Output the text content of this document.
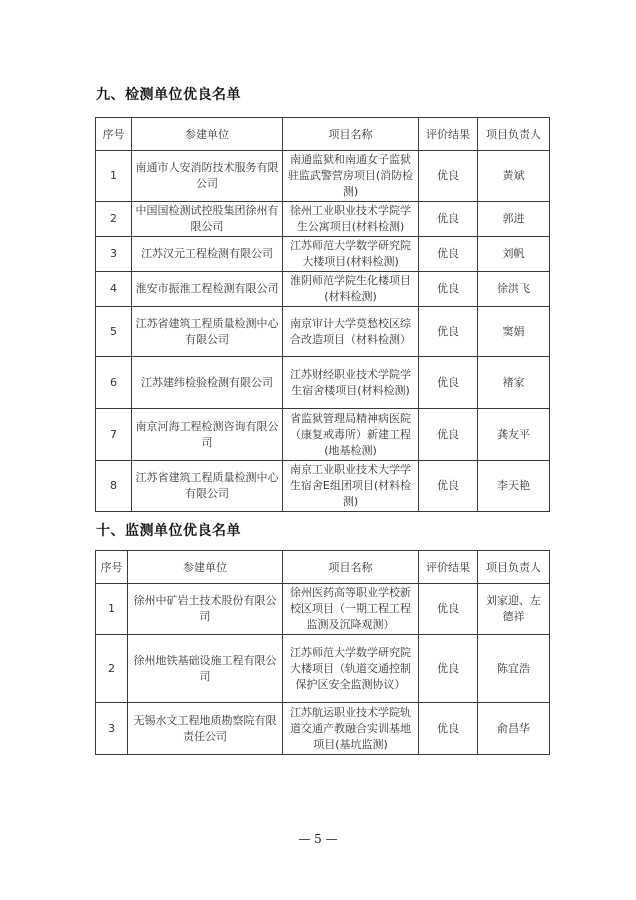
九、检测单位优良名单
序号	参建单位	项目名称	评价结果	项目负责人
1	南通市人安消防技术服务有限公司	南通监狱和南通女子监狱驻监武警营房项目(消防检测)	优良	黄斌
2	中国国检测试控股集团徐州有限公司	徐州工业职业技术学院学生公寓项目(材料检测)	优良	郭进
3	江苏汉元工程检测有限公司	江苏师范大学数学研究院大楼项目(材料检测)	优良	刘帆
4	淮安市振淮工程检测有限公司	淮阴师范学院生化楼项目(材料检测)	优良	徐洪飞
5	江苏省建筑工程质量检测中心有限公司	南京审计大学莫愁校区综合改造项目（材料检测）	优良	窦娟
6	江苏建纬检验检测有限公司	江苏财经职业技术学院学生宿舍楼项目(材料检测)	优良	褚家
7	南京河海工程检测咨询有限公司	省监狱管理局精神病医院（康复戒毒所）新建工程(地基检测)	优良	龚友平
8	江苏省建筑工程质量检测中心有限公司	南京工业职业技术大学学生宿舍E组团项目(材料检测)	优良	李天艳
十、监测单位优良名单
序号	参建单位	项目名称	评价结果	项目负责人
1	徐州中矿岩土技术股份有限公司	徐州医药高等职业学校新校区项目（一期工程工程监测及沉降观测）	优良	刘家迎、左德祥
2	徐州地铁基础设施工程有限公司	江苏师范大学数学研究院大楼项目（轨道交通控制保护区安全监测协议）	优良	陈宜浩
3	无锡水文工程地质勘察院有限责任公司	江苏航运职业技术学院轨道交通产教融合实训基地项目(基坑监测)	优良	俞昌华
— 5 —
